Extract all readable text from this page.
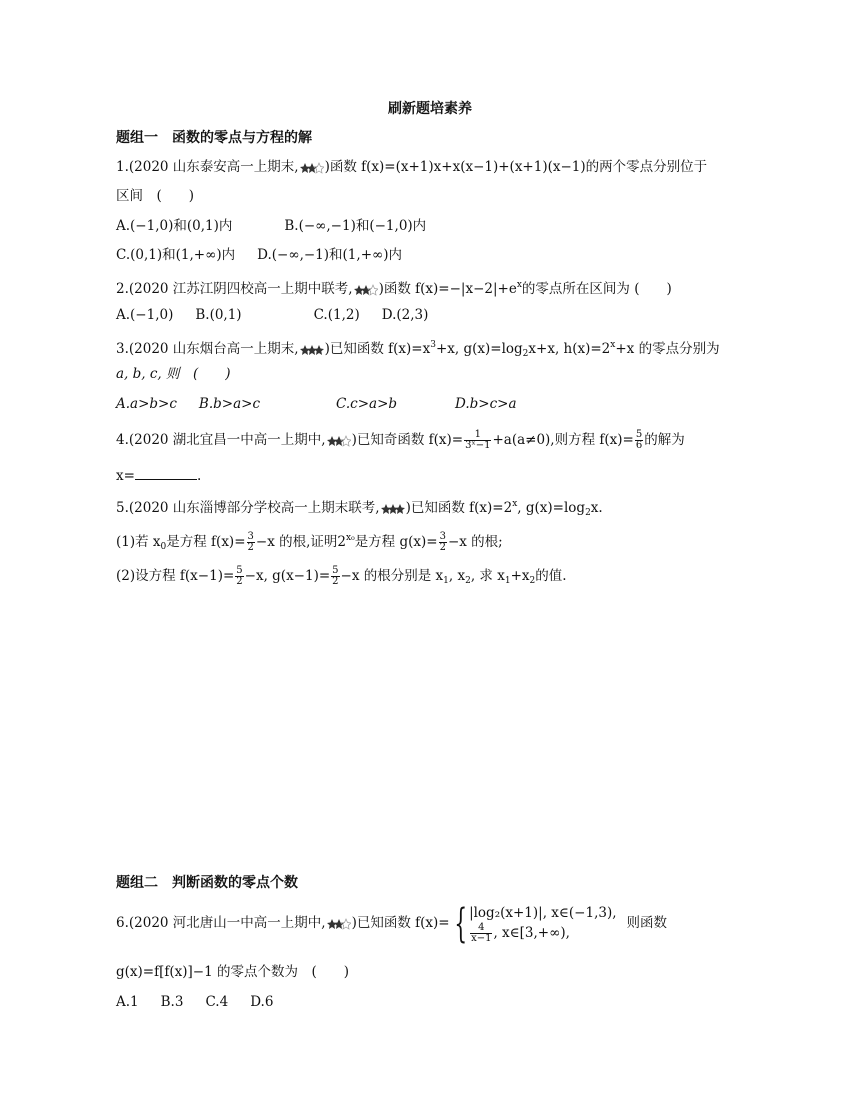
刷新题培素养
题组一　函数的零点与方程的解
1.(2020 山东泰安高一上期末, )函数 f(x)=(x+1)x+x(x−1)+(x+1)(x−1)的两个零点分别位于
区间　(　　)
A.(−1,0)和(0,1)内	B.(−∞,−1)和(−1,0)内
C.(0,1)和(1,+∞)内 D.(−∞,−1)和(1,+∞)内
2.(2020 江苏江阴四校高一上期中联考, )函数 $f(x)=-|x-2|+e^x$的零点所在区间为 (　　)
A.(−1,0) B.(0,1)	C.(1,2) D.(2,3)
3.(2020 山东烟台高一上期末, )已知函数 $f(x)=x^3+x$, $g(x)=\log_2x+x$, $h(x)=2^x+x$ 的零点分别为
a, b, c, 则　(　　)
A.a>b>c B.b>a>c	C.c>a>b	D.b>c>a
4.(2020 湖北宜昌一中高一上期中, )已知奇函数 $f(x)= \frac{1}{\text{3ˣ−1}} +a(a\ne 0)$,则方程 $f(x)= \frac{5}{6}$ 的解为
x=	.
5.(2020 山东淄博部分学校高一上期末联考, )已知函数 $f(x)=2^x$, $g(x)=\log_2x$.
(1)若 $x_0$是方程 $f(x)= \frac{3}{2} -x$ 的根,证明$2^{x_0}$是方程 $g(x)= \frac{3}{2} -x$ 的根;
(2)设方程 $f(x-1)= \frac{5}{2} -x$, $g(x-1)= \frac{5}{2} -x$ 的根分别是 $x_1$, $x_2$, 求 $x_1+x_2$的值.
题组二　判断函数的零点个数
6.(2020 河北唐山一中高一上期中, )已知函数 f(x)= { |log₂(x+1)|, x∈(−1,3),
$\frac{4}{x-1}$ , x∈[3,+∞),
则函数
g(x)=f[f(x)]−1 的零点个数为　(　　)
A.1 B.3 C.4 D.6
